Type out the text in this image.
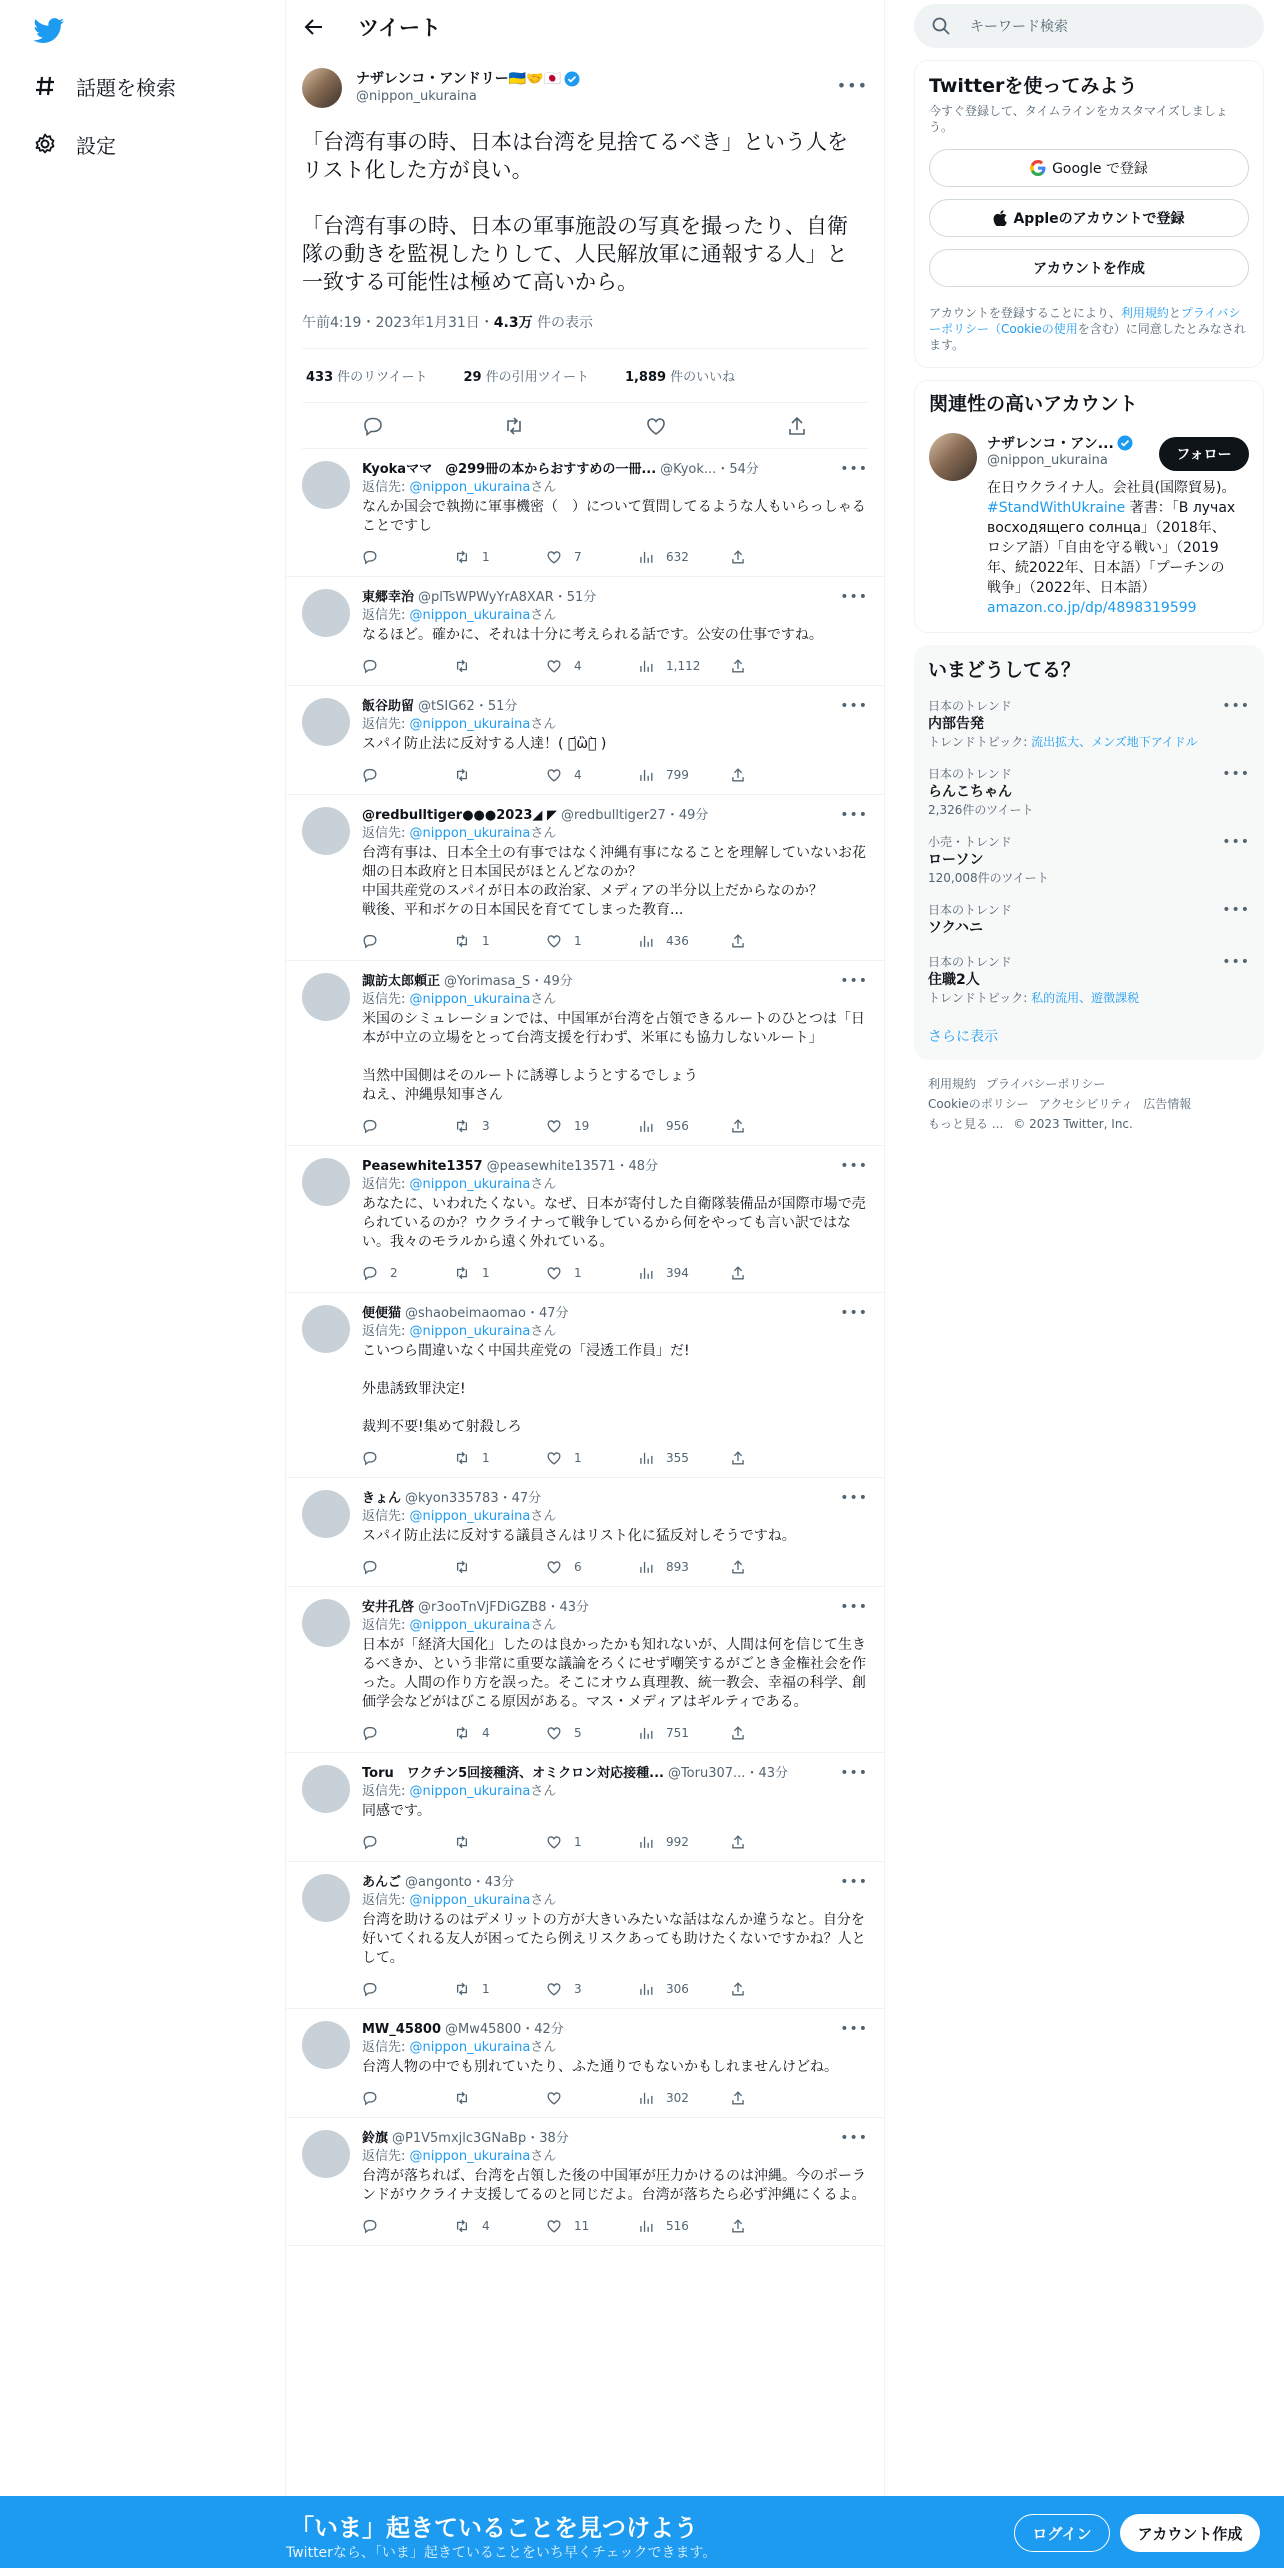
話題を検索
設定
ツイート
ナザレンコ・アンドリー🇺🇦🤝🇯🇵
@nippon_ukuraina
•••
「台湾有事の時、日本は台湾を見捨てるべき」という人をリスト化した方が良い。

「台湾有事の時、日本の軍事施設の写真を撮ったり、自衛隊の動きを監視したりして、人民解放軍に通報する人」と一致する可能性は極めて高いから。
午前4:19・2023年1月31日・4.3万 件の表示
433 件のリツイート	29 件の引用ツイート	1,889 件のいいね
•••
Kyokaママ　@299冊の本からおすすめの一冊... @Kyok... ・54分
返信先: @nippon_ukurainaさん
なんか国会で執拗に軍事機密（　）について質問してるような人もいらっしゃることですし
1	7	632
•••
東郷幸治 @plTsWPWyYrA8XAR ・51分
返信先: @nippon_ukurainaさん
なるほど。確かに、それは十分に考えられる話です。公安の仕事ですね。
4	1,112
•••
飯谷助留 @tSIG62 ・51分
返信先: @nippon_ukurainaさん
スパイ防止法に反対する人達！( ･᷄ὢ･᷅ )
4	799
•••
@redbulltiger●●●2023◢ ◤ @redbulltiger27 ・49分
返信先: @nippon_ukurainaさん
台湾有事は、日本全土の有事ではなく沖縄有事になることを理解していないお花畑の日本政府と日本国民がほとんどなのか？
中国共産党のスパイが日本の政治家、メディアの半分以上だからなのか？
戦後、平和ボケの日本国民を育ててしまった教育...
1	1	436
•••
諏訪太郎頼正 @Yorimasa_S ・49分
返信先: @nippon_ukurainaさん
米国のシミュレーションでは、中国軍が台湾を占領できるルートのひとつは「日本が中立の立場をとって台湾支援を行わず、米軍にも協力しないルート」

当然中国側はそのルートに誘導しようとするでしょう
ねえ、沖縄県知事さん
3	19	956
•••
Peasewhite1357 @peasewhite13571 ・48分
返信先: @nippon_ukurainaさん
あなたに、いわれたくない。なぜ、日本が寄付した自衛隊装備品が国際市場で売られているのか？ウクライナって戦争しているから何をやっても言い訳ではない。我々のモラルから遠く外れている。
2	1	1	394
•••
便便猫 @shaobeimaomao ・47分
返信先: @nippon_ukurainaさん
こいつら間違いなく中国共産党の「浸透工作員」だ!

外患誘致罪決定!

裁判不要!集めて射殺しろ
1	1	355
•••
きょん @kyon335783 ・47分
返信先: @nippon_ukurainaさん
スパイ防止法に反対する議員さんはリスト化に猛反対しそうですね。
6	893
•••
安井孔啓 @r3ooTnVjFDiGZB8 ・43分
返信先: @nippon_ukurainaさん
日本が「経済大国化」したのは良かったかも知れないが、人間は何を信じて生きるべきか、という非常に重要な議論をろくにせず嘲笑するがごとき金権社会を作った。人間の作り方を誤った。そこにオウム真理教、統一教会、幸福の科学、創価学会などがはびこる原因がある。マス・メディアはギルティである。
4	5	751
•••
Toru　ワクチン5回接種済、オミクロン対応接種... @Toru307... ・43分
返信先: @nippon_ukurainaさん
同感です。
1	992
•••
あんご @angonto ・43分
返信先: @nippon_ukurainaさん
台湾を助けるのはデメリットの方が大きいみたいな話はなんか違うなと。自分を好いてくれる友人が困ってたら例えリスクあっても助けたくないですかね？人として。
1	3	306
•••
MW_45800 @Mw45800 ・42分
返信先: @nippon_ukurainaさん
台湾人物の中でも別れていたり、ふた通りでもないかもしれませんけどね。
302
•••
鈴旗 @P1V5mxjlc3GNaBp ・38分
返信先: @nippon_ukurainaさん
台湾が落ちれば、台湾を占領した後の中国軍が圧力かけるのは沖縄。今のポーランドがウクライナ支援してるのと同じだよ。台湾が落ちたら必ず沖縄にくるよ。
4	11	516
キーワード検索
Twitterを使ってみよう
今すぐ登録して、タイムラインをカスタマイズしましょう。
Google で登録
Appleのアカウントで登録
アカウントを作成
アカウントを登録することにより、利用規約とプライバシーポリシー（Cookieの使用を含む）に同意したとみなされます。
関連性の高いアカウント
ナザレンコ・アン...
@nippon_ukuraina
在日ウクライナ人。会社員(国際貿易)。 #StandWithUkraine 著書：「В лучах восходящего солнца」（2018年、ロシア語）「自由を守る戦い」（2019年、続2022年、日本語）「プーチンの戦争」（2022年、日本語）
amazon.co.jp/dp/4898319599
フォロー
いまどうしてる？
•••
日本のトレンド
内部告発
トレンドトピック: 流出拡大、メンズ地下アイドル
•••
日本のトレンド
らんこちゃん
2,326件のツイート
•••
小売・トレンド
ローソン
120,008件のツイート
•••
日本のトレンド
ソクハニ
•••
日本のトレンド
住職2人
トレンドトピック: 私的流用、遊徴課税
さらに表示
利用規約 プライバシーポリシー
Cookieのポリシー アクセシビリティ 広告情報
もっと見る ... © 2023 Twitter, Inc.
「いま」起きていることを見つけよう
Twitterなら、「いま」起きていることをいち早くチェックできます。
ログイン	アカウント作成
